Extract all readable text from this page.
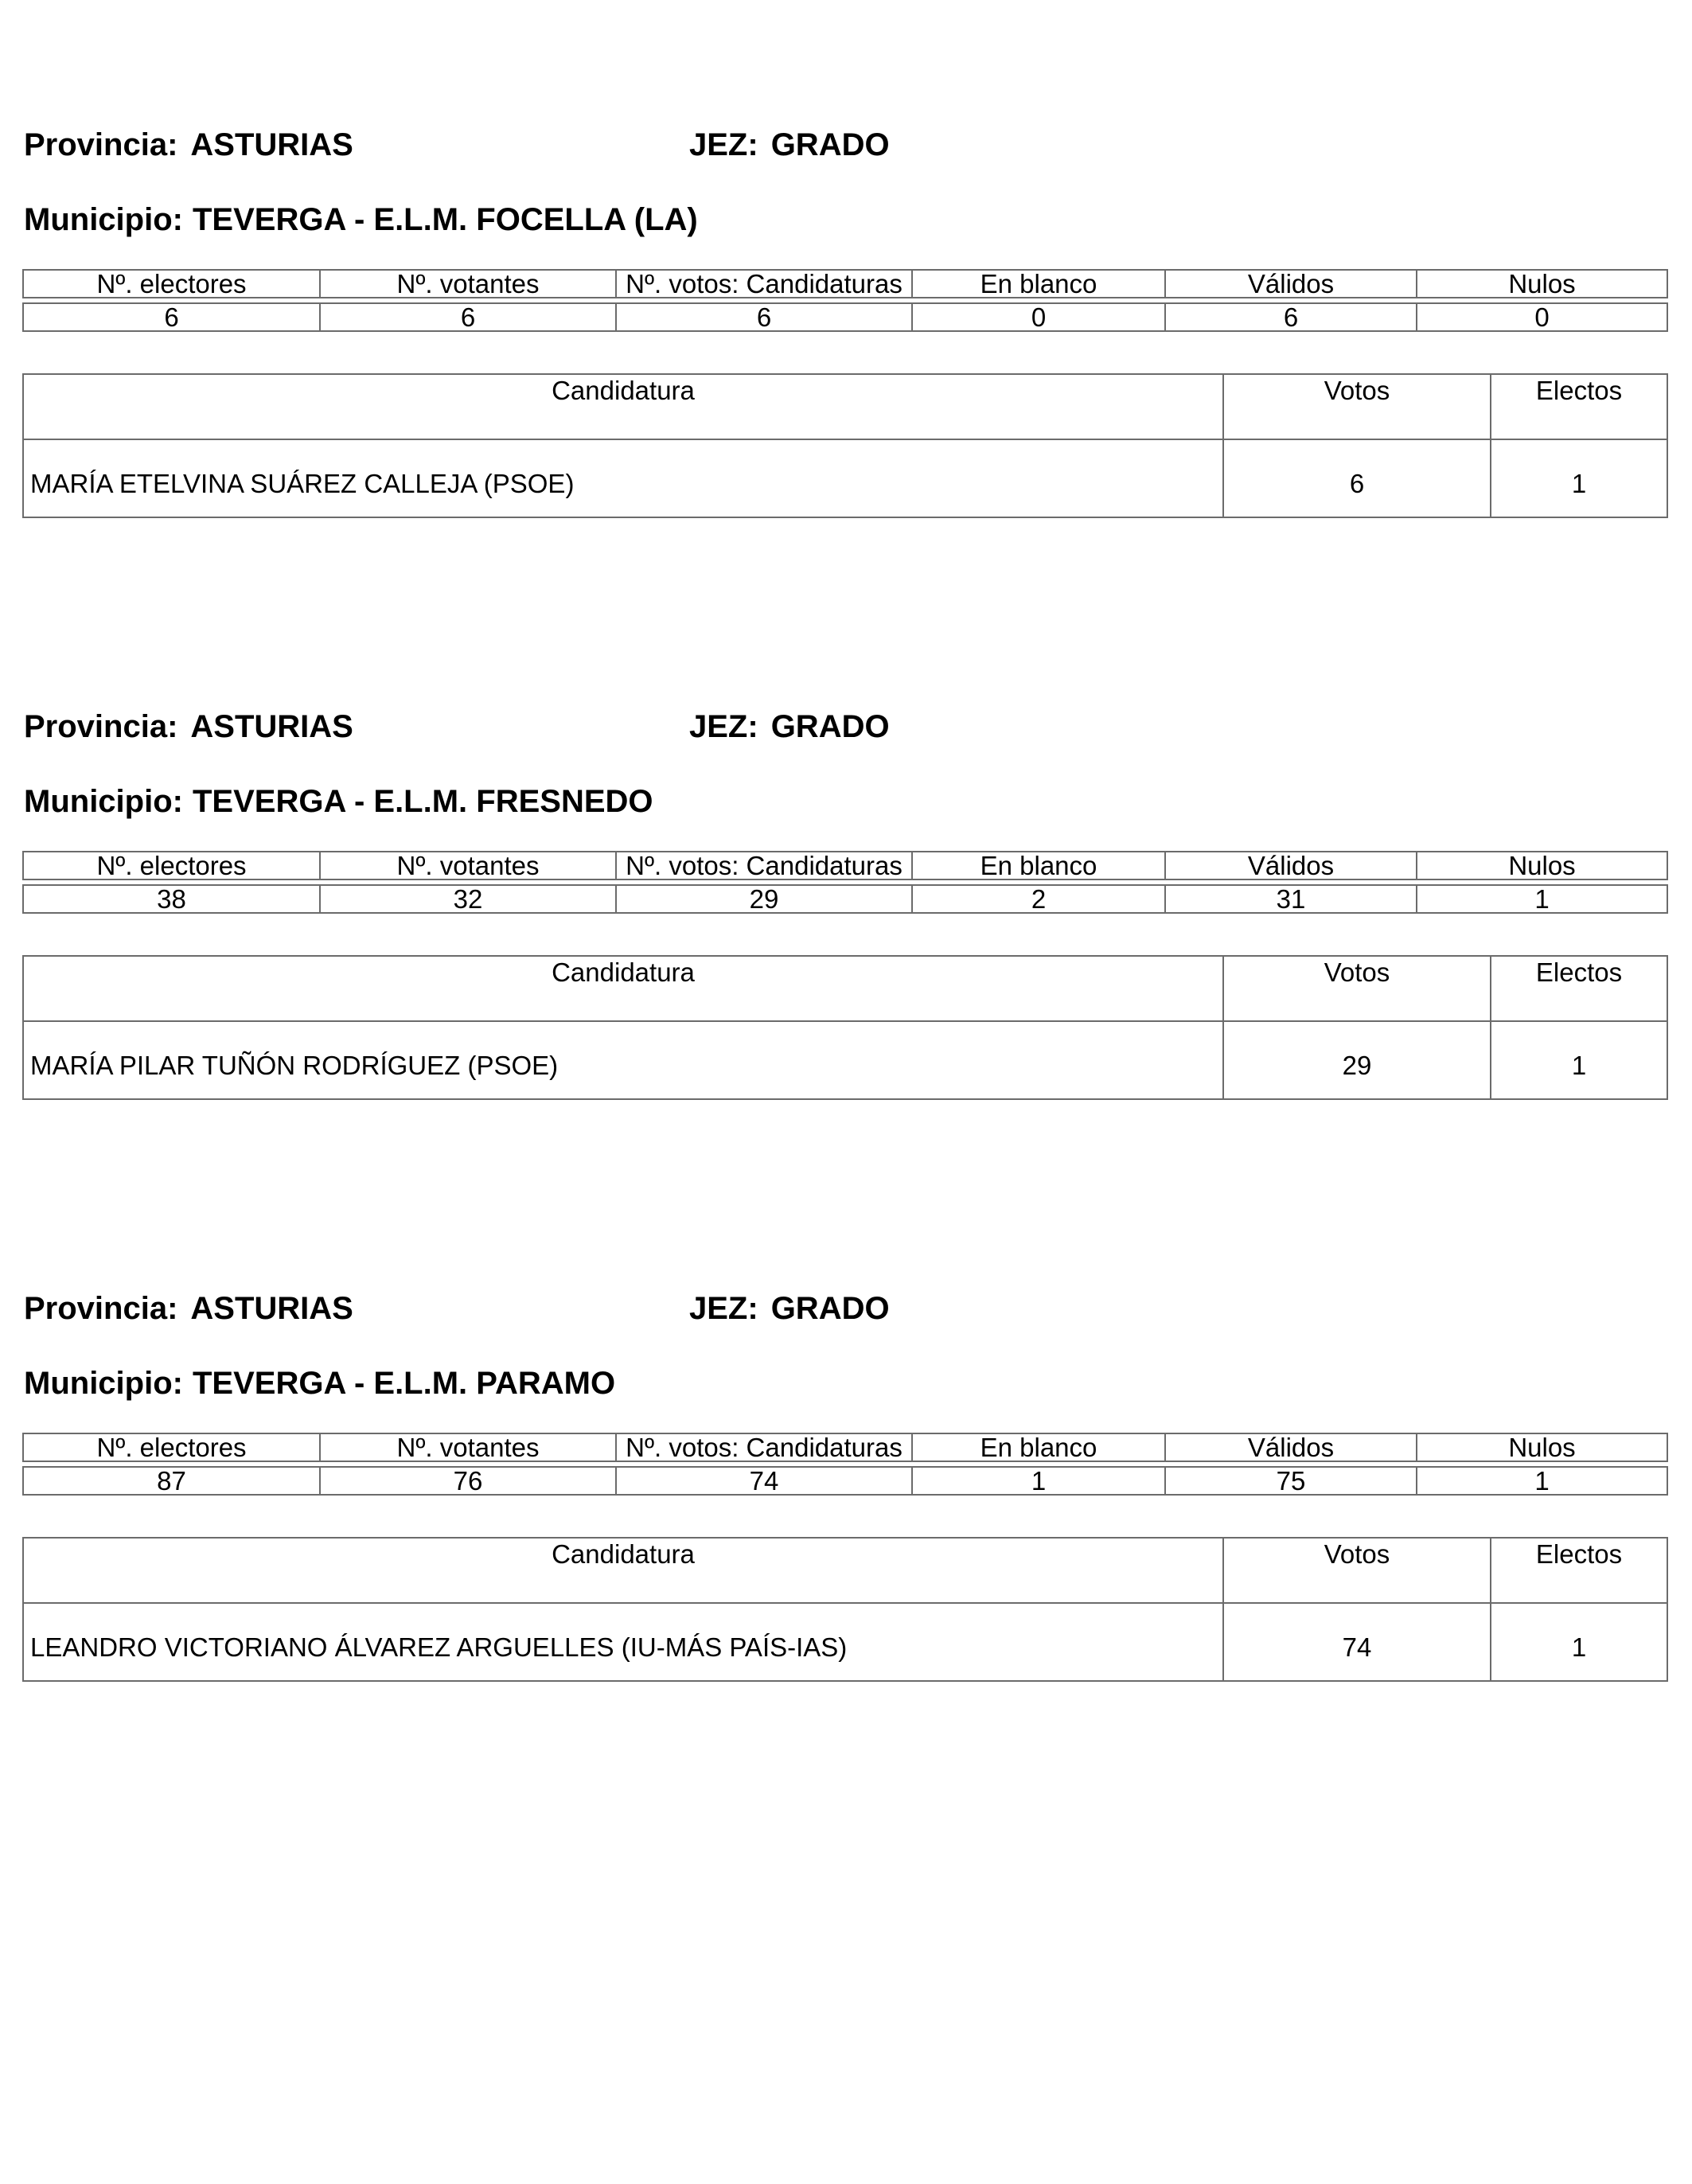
Provincia: ASTURIAS	JEZ: GRADO
Municipio: TEVERGA - E.L.M. FOCELLA (LA)
Nº. electores	Nº. votantes	Nº. votos: Candidaturas	En blanco	Válidos	Nulos

6	6	6	0	6	0
Candidatura	Votos	Electos
MARÍA ETELVINA SUÁREZ CALLEJA (PSOE)	6	1
Provincia: ASTURIAS	JEZ: GRADO
Municipio: TEVERGA - E.L.M. FRESNEDO
Nº. electores	Nº. votantes	Nº. votos: Candidaturas	En blanco	Válidos	Nulos

38	32	29	2	31	1
Candidatura	Votos	Electos
MARÍA PILAR TUÑÓN RODRÍGUEZ (PSOE)	29	1
Provincia: ASTURIAS	JEZ: GRADO
Municipio: TEVERGA - E.L.M. PARAMO
Nº. electores	Nº. votantes	Nº. votos: Candidaturas	En blanco	Válidos	Nulos

87	76	74	1	75	1
Candidatura	Votos	Electos
LEANDRO VICTORIANO ÁLVAREZ ARGUELLES (IU-MÁS PAÍS-IAS)	74	1
